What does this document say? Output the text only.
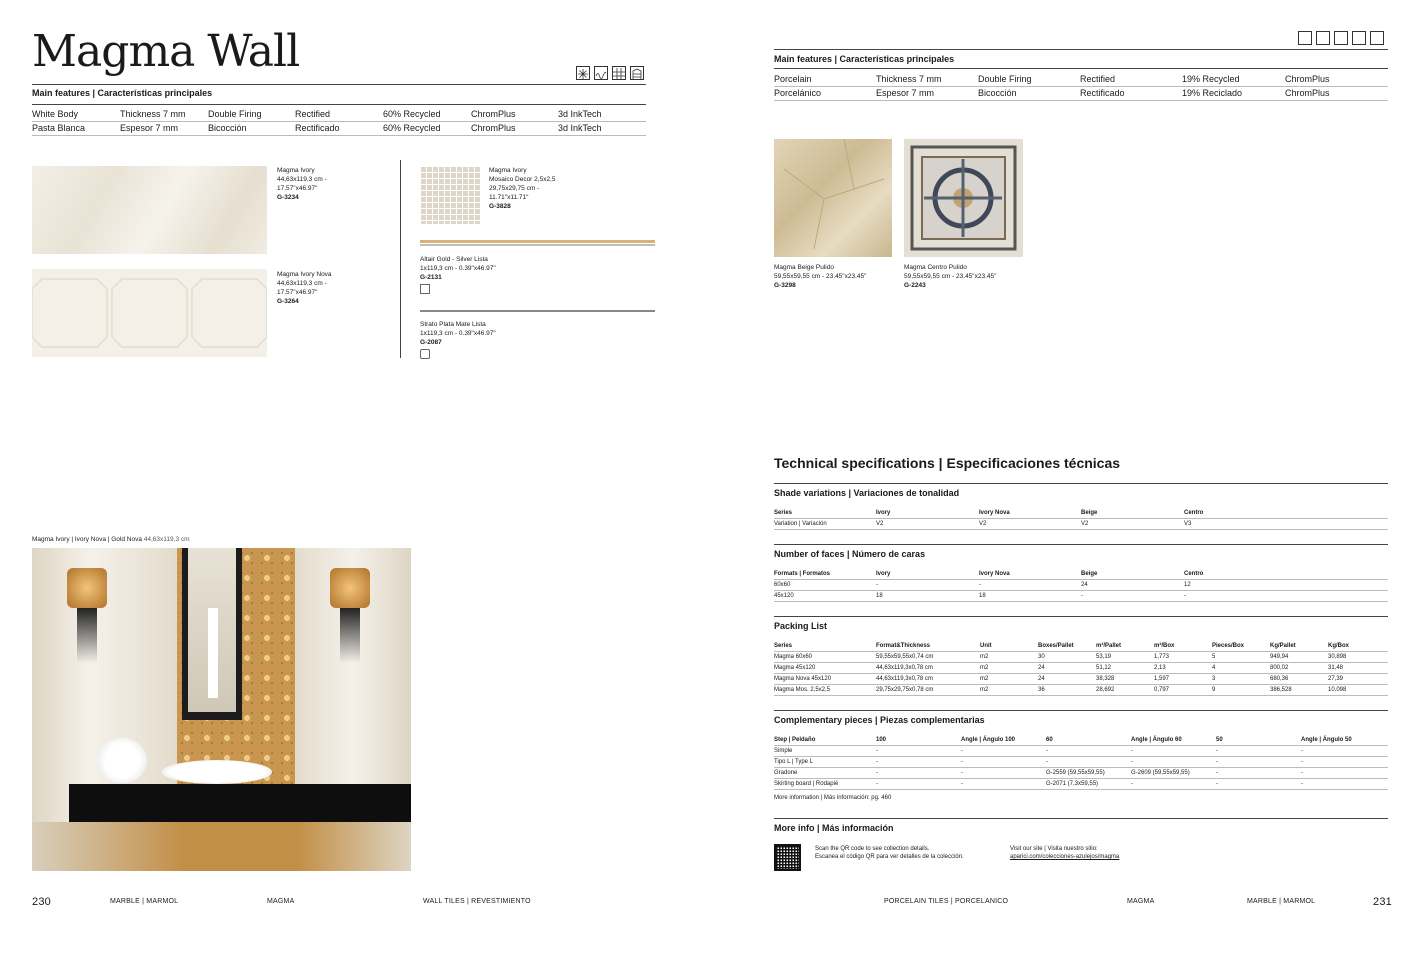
Magma Wall
Main features | Características principales
White Body	Thickness 7 mm	Double Firing	Rectified	60% Recycled	ChromPlus	3d InkTech
Pasta Blanca	Espesor 7 mm	Bicocción	Rectificado	60% Recycled	ChromPlus	3d InkTech
Magma Ivory
44,63x119,3 cm -
17.57"x46.97"
G-3234
Magma Ivory Nova
44,63x119,3 cm -
17.57"x46.97"
G-3264
Magma Ivory
Mosaico Decor 2,5x2,5
29,75x29,75 cm -
11.71"x11.71"
G-3828
Altair Gold - Silver Lista
1x119,3 cm - 0.39"x46.97"
G-2131
Strato Plata Mate Lista
1x119,3 cm - 0.39"x46.97"
G-2087
Magma Ivory | Ivory Nova | Gold Nova 44,63x119,3 cm
230	MARBLE | MARMOL	MAGMA	WALL TILES | REVESTIMIENTO
Main features | Características principales
Porcelain	Thickness 7 mm	Double Firing	Rectified	19% Recycled	ChromPlus
Porcelánico	Espesor 7 mm	Bicocción	Rectificado	19% Reciclado	ChromPlus
Magma Beige Pulido
59,55x59,55 cm - 23.45"x23.45"
G-3298
Magma Centro Pulido
59,55x59,55 cm - 23.45"x23.45"
G-2243
Technical specifications | Especificaciones técnicas
Shade variations | Variaciones de tonalidad
Series	Ivory	Ivory Nova	Beige	Centro
Variation | Variación	V2	V2	V2	V3
Number of faces | Número de caras
Formats | Formatos	Ivory	Ivory Nova	Beige	Centro
60x60	-	-	24	12
45x120	18	18	-	-
Packing List
Series	Format&Thickness	Unit	Boxes/Pallet	m²/Pallet	m²/Box	Pieces/Box	Kg/Pallet	Kg/Box
Magma 60x60	59,55x59,55x0,74 cm	m2	30	53,19	1,773	5	949,94	30,898
Magma 45x120	44,63x119,3x0,78 cm	m2	24	51,12	2,13	4	800,02	31,48
Magma Nova 45x120	44,63x119,3x0,78 cm	m2	24	38,328	1,597	3	680,36	27,39
Magma Mos. 2,5x2,5	29,75x29,75x0,78 cm	m2	36	28,692	0,797	9	386,528	10,098
Complementary pieces | Piezas complementarias
Step | Peldaño	100	Angle | Ángulo 100	60	Angle | Ángulo 60	50	Angle | Ángulo 50
Simple	-	-	-	-	-	-
Tipo L | Type L	-	-	-	-	-	-
Gradone	-	-	G-2559 (59,55x59,55)	G-2609 (59,55x59,55)	-	-
Skirting board | Rodapié	-	-	G-2071 (7,3x59,55)	-	-	-
More information | Más información: pg. 460
More info | Más información
Scan the QR code to see collection details.
Escanea el código QR para ver detalles de la colección.
Visit our site | Visita nuestro sitio:
aparici.com/colecciones-azulejos/magma
PORCELAIN TILES | PORCELANICO	MAGMA	MARBLE | MARMOL	231
